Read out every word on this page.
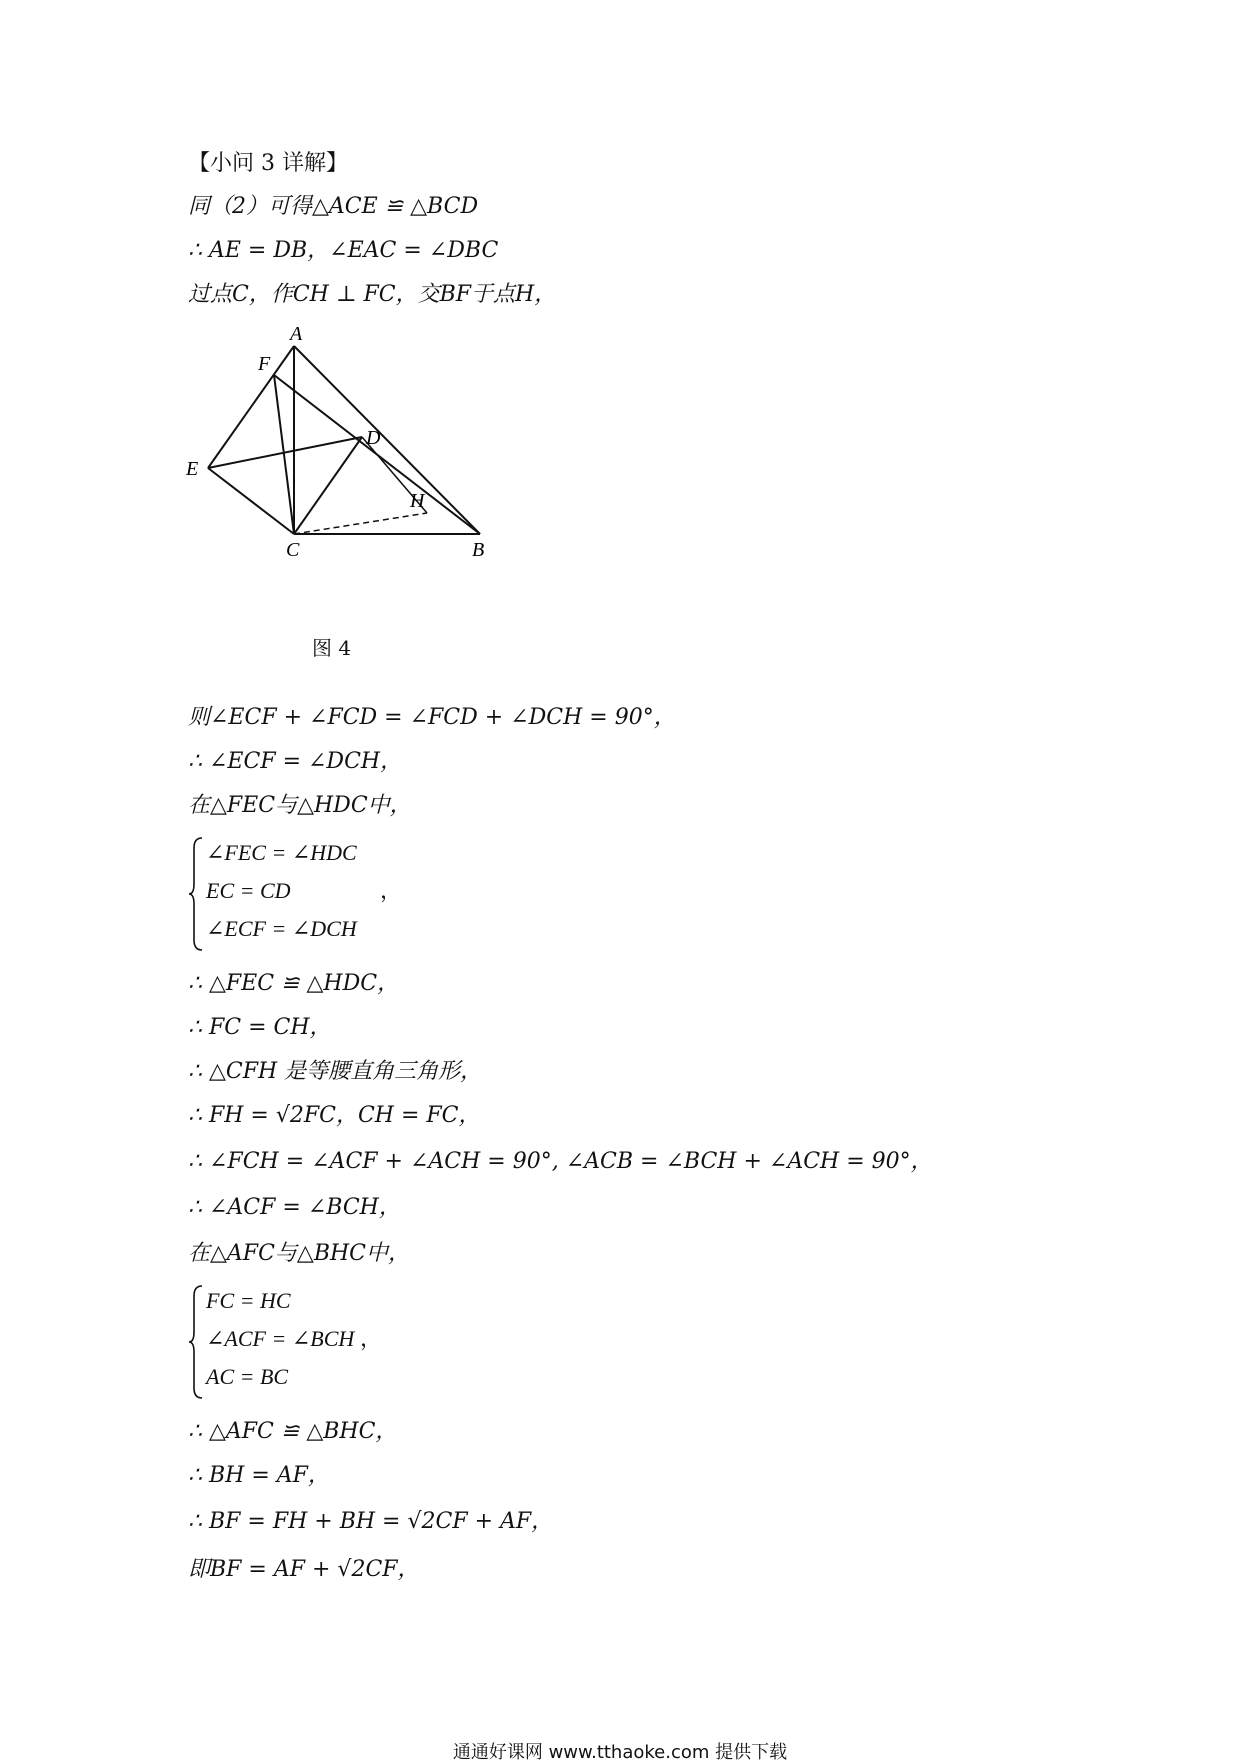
【小问 3 详解】
同（2）可得△ACE ≌ △BCD
∴ AE = DB，∠EAC = ∠DBC
过点C，作CH ⊥ FC，交BF于点H，
A
F
E
D
H
C	B
图 4
则∠ECF + ∠FCD = ∠FCD + ∠DCH = 90°，
∴ ∠ECF = ∠DCH，
在△FEC与△HDC中，
∠FEC = ∠HDC
EC = CD
∠ECF = ∠DCH
，
∴ △FEC ≌ △HDC，
∴ FC = CH，
∴ △CFH 是等腰直角三角形，
∴ FH = √2FC，CH = FC，
∴ ∠FCH = ∠ACF + ∠ACH = 90°, ∠ACB = ∠BCH + ∠ACH = 90°，
∴ ∠ACF = ∠BCH，
在△AFC与△BHC中，
FC = HC
∠ACF = ∠BCH
AC = BC
，
∴ △AFC ≌ △BHC，
∴ BH = AF，
∴ BF = FH + BH = √2CF + AF，
即BF = AF + √2CF，
通通好课网 www.tthaoke.com 提供下载
